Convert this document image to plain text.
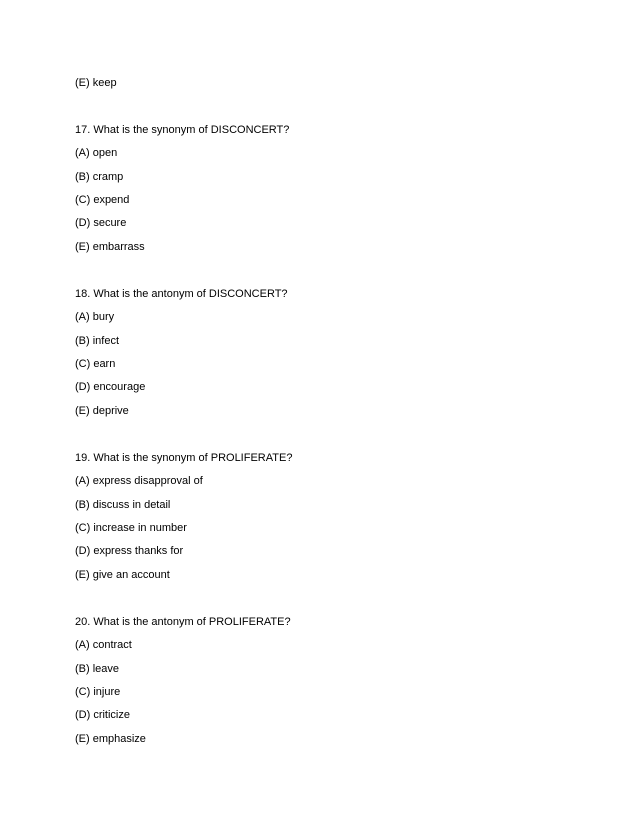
(E) keep
17. What is the synonym of DISCONCERT?
(A) open
(B) cramp
(C) expend
(D) secure
(E) embarrass
18. What is the antonym of DISCONCERT?
(A) bury
(B) infect
(C) earn
(D) encourage
(E) deprive
19. What is the synonym of PROLIFERATE?
(A) express disapproval of
(B) discuss in detail
(C) increase in number
(D) express thanks for
(E) give an account
20. What is the antonym of PROLIFERATE?
(A) contract
(B) leave
(C) injure
(D) criticize
(E) emphasize
